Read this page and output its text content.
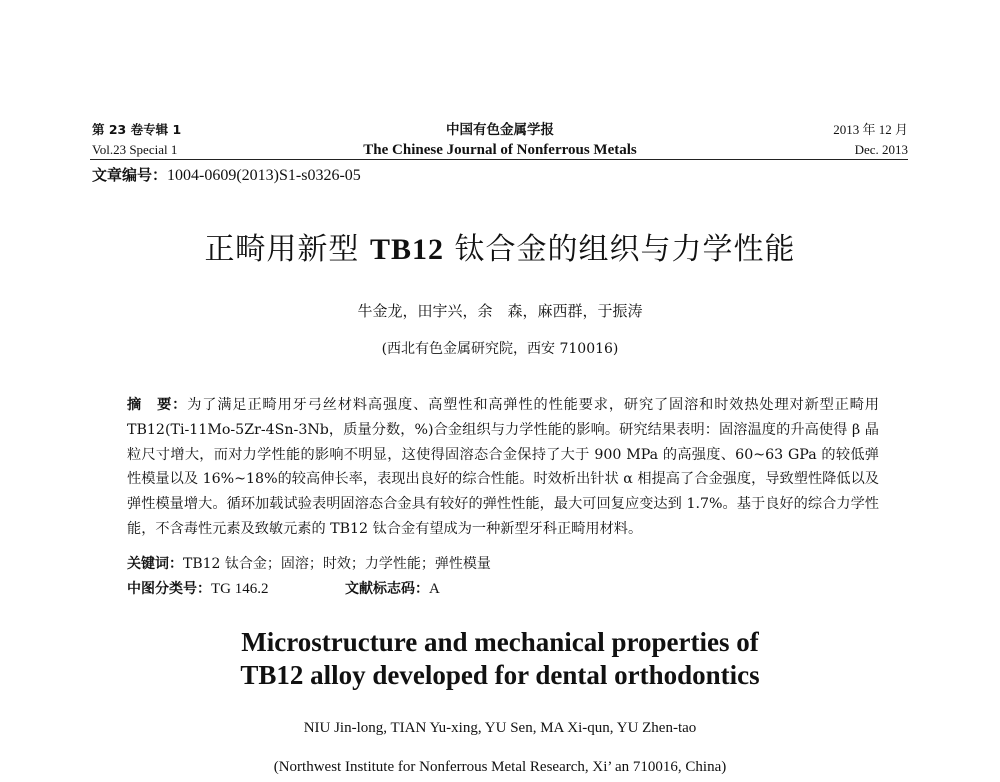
第 23 卷专辑 1
Vol.23 Special 1
中国有色金属学报
The Chinese Journal of Nonferrous Metals
2013 年 12 月
Dec. 2013
文章编号：1004-0609(2013)S1-s0326-05
正畸用新型 TB12 钛合金的组织与力学性能
牛金龙，田宇兴，余　森，麻西群，于振涛
(西北有色金属研究院，西安 710016)
摘　要：为了满足正畸用牙弓丝材料高强度、高塑性和高弹性的性能要求，研究了固溶和时效热处理对新型正畸用 TB12(Ti-11Mo-5Zr-4Sn-3Nb，质量分数，%)合金组织与力学性能的影响。研究结果表明：固溶温度的升高使得 β 晶粒尺寸增大，而对力学性能的影响不明显，这使得固溶态合金保持了大于 900 MPa 的高强度、60~63 GPa 的较低弹性模量以及 16%~18%的较高伸长率，表现出良好的综合性能。时效析出针状 α 相提高了合金强度，导致塑性降低以及弹性模量增大。循环加载试验表明固溶态合金具有较好的弹性性能，最大可回复应变达到 1.7%。基于良好的综合力学性能，不含毒性元素及致敏元素的 TB12 钛合金有望成为一种新型牙科正畸用材料。
关键词：TB12 钛合金；固溶；时效；力学性能；弹性模量
中图分类号：TG 146.2	文献标志码：A
Microstructure and mechanical properties of
TB12 alloy developed for dental orthodontics
NIU Jin-long, TIAN Yu-xing, YU Sen, MA Xi-qun, YU Zhen-tao
(Northwest Institute for Nonferrous Metal Research, Xi’ an 710016, China)
